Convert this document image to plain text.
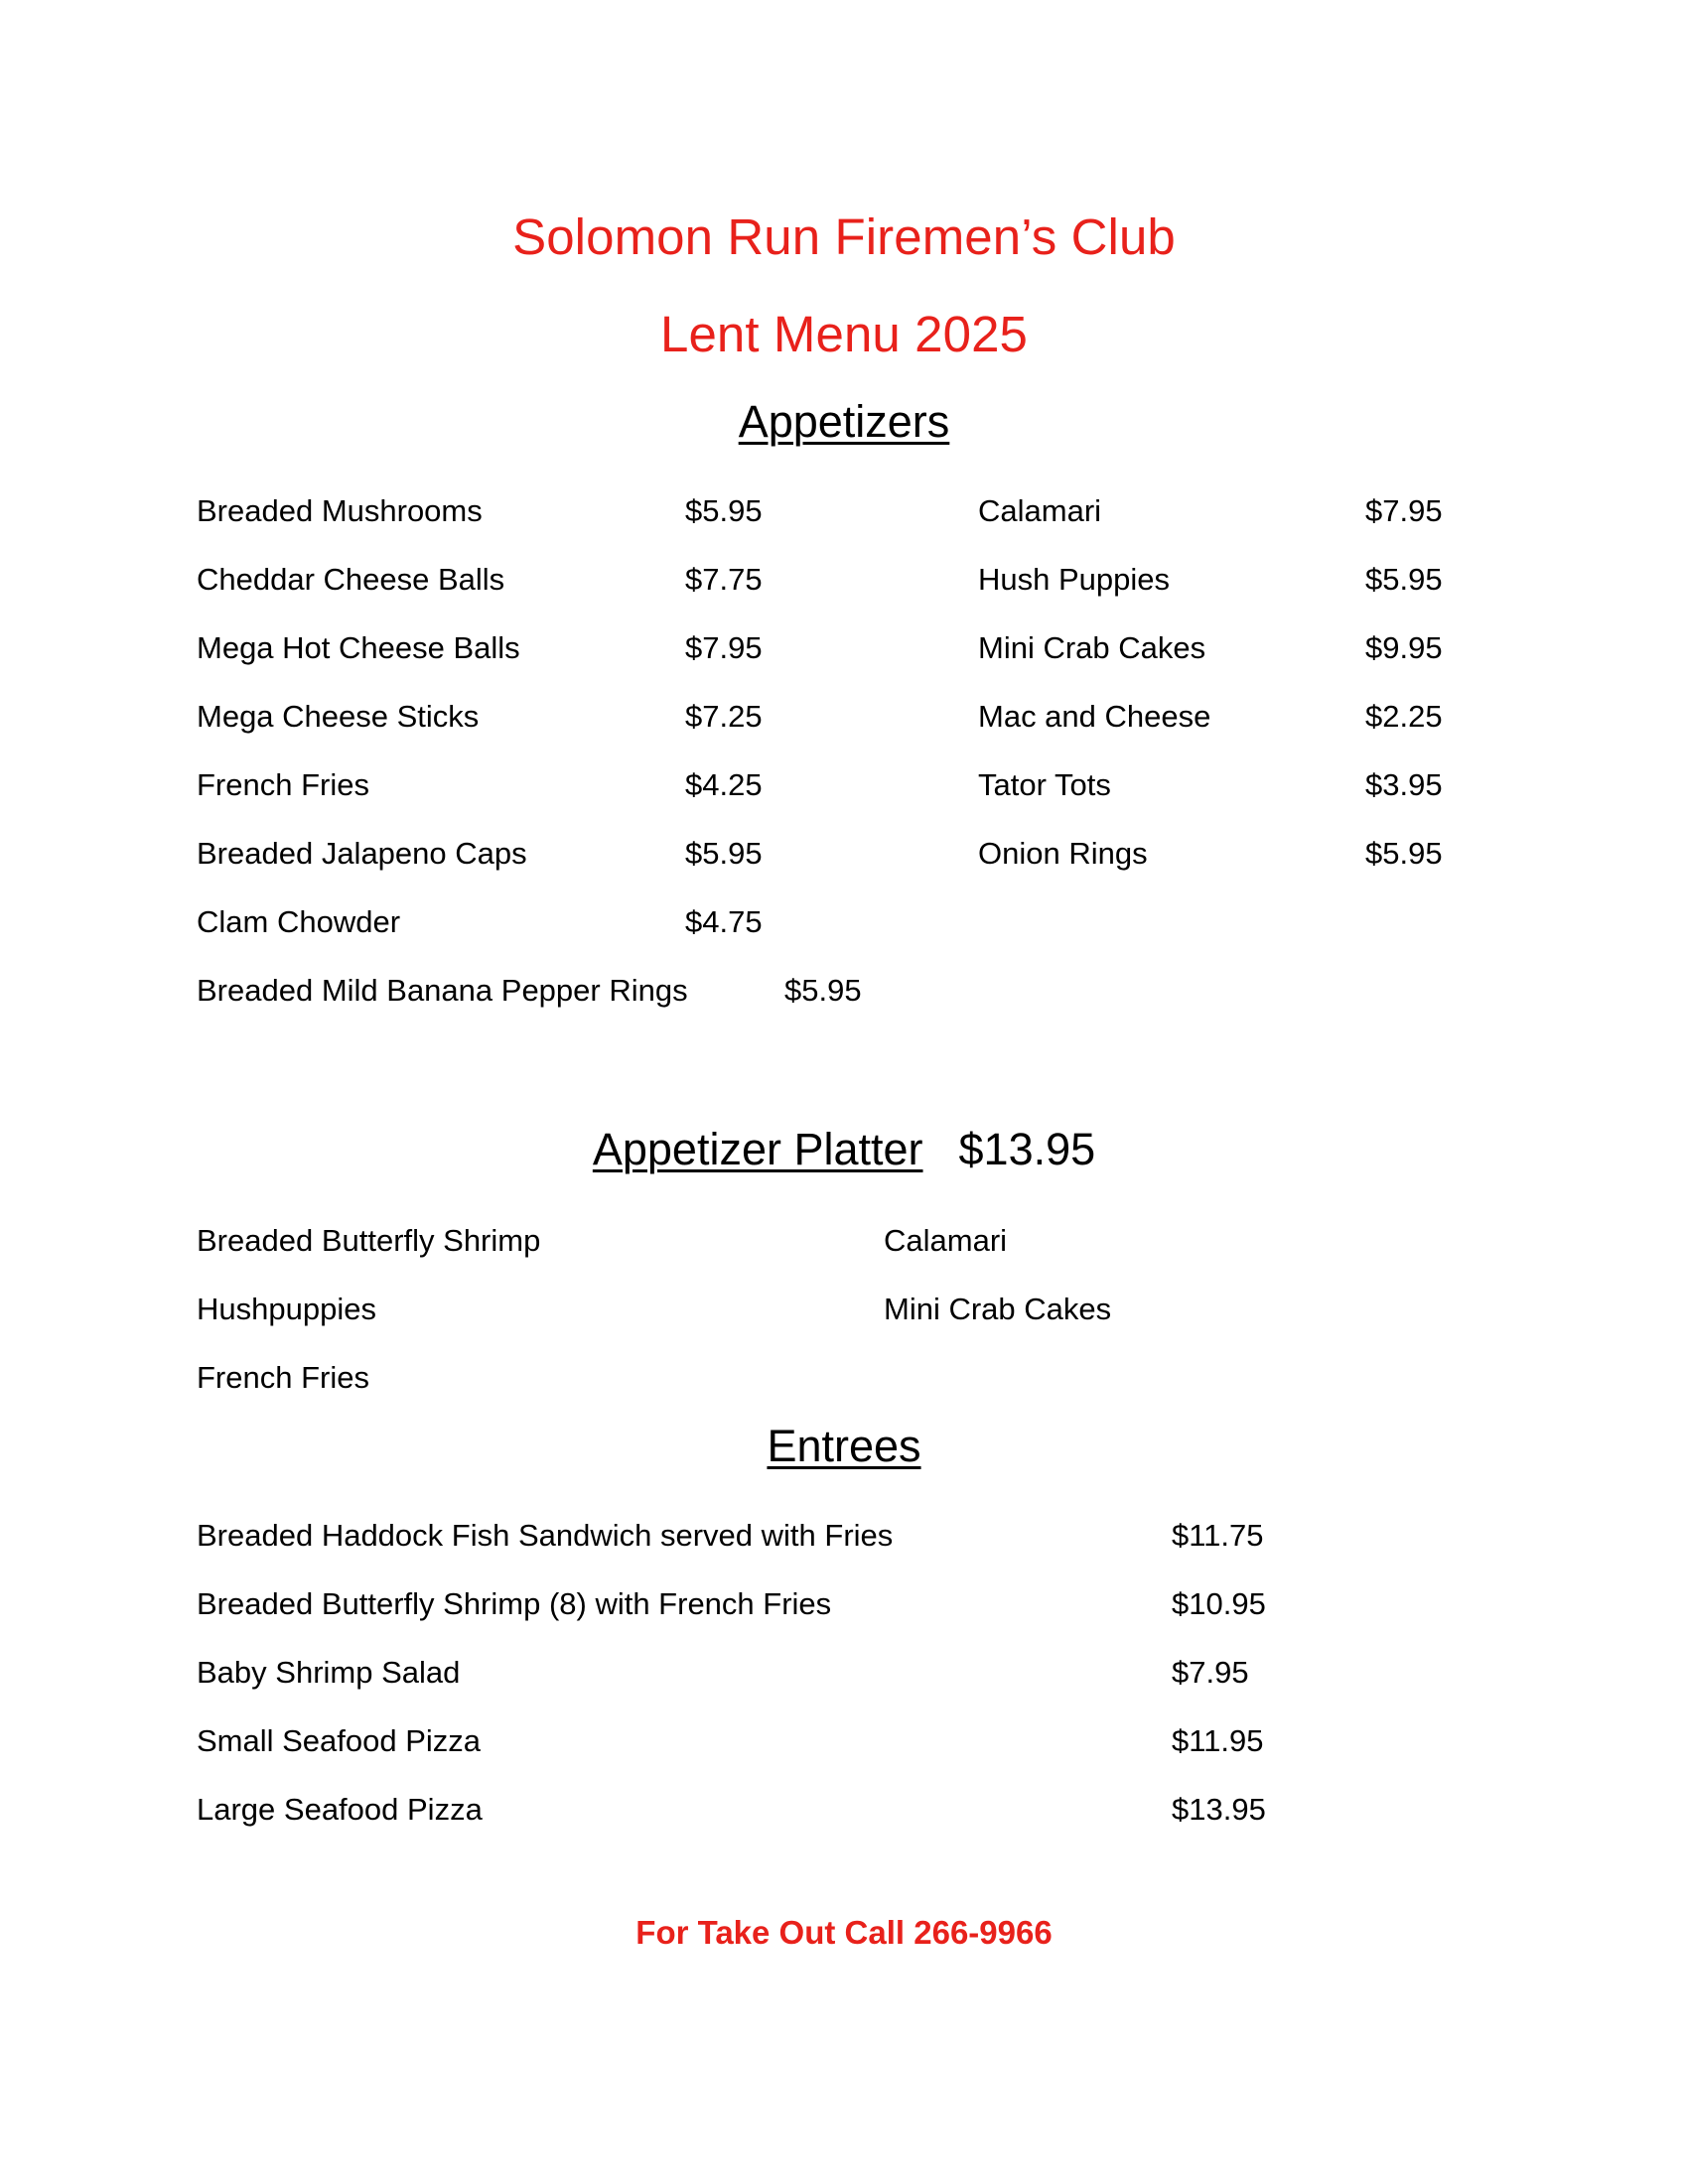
Solomon Run Firemen’s Club
Lent Menu 2025
Appetizers
Breaded Mushrooms	$5.95	Calamari	$7.95
Cheddar Cheese Balls	$7.75	Hush Puppies	$5.95
Mega Hot Cheese Balls	$7.95	Mini Crab Cakes	$9.95
Mega Cheese Sticks	$7.25	Mac and Cheese	$2.25
French Fries	$4.25	Tator Tots	$3.95
Breaded Jalapeno Caps	$5.95	Onion Rings	$5.95
Clam Chowder	$4.75
Breaded Mild Banana Pepper Rings	$5.95
Appetizer Platter $13.95
Breaded Butterfly Shrimp	Calamari
Hushpuppies	Mini Crab Cakes
French Fries
Entrees
Breaded Haddock Fish Sandwich served with Fries	$11.75
Breaded Butterfly Shrimp (8) with French Fries	$10.95
Baby Shrimp Salad	$7.95
Small Seafood Pizza	$11.95
Large Seafood Pizza	$13.95
For Take Out Call 266-9966
